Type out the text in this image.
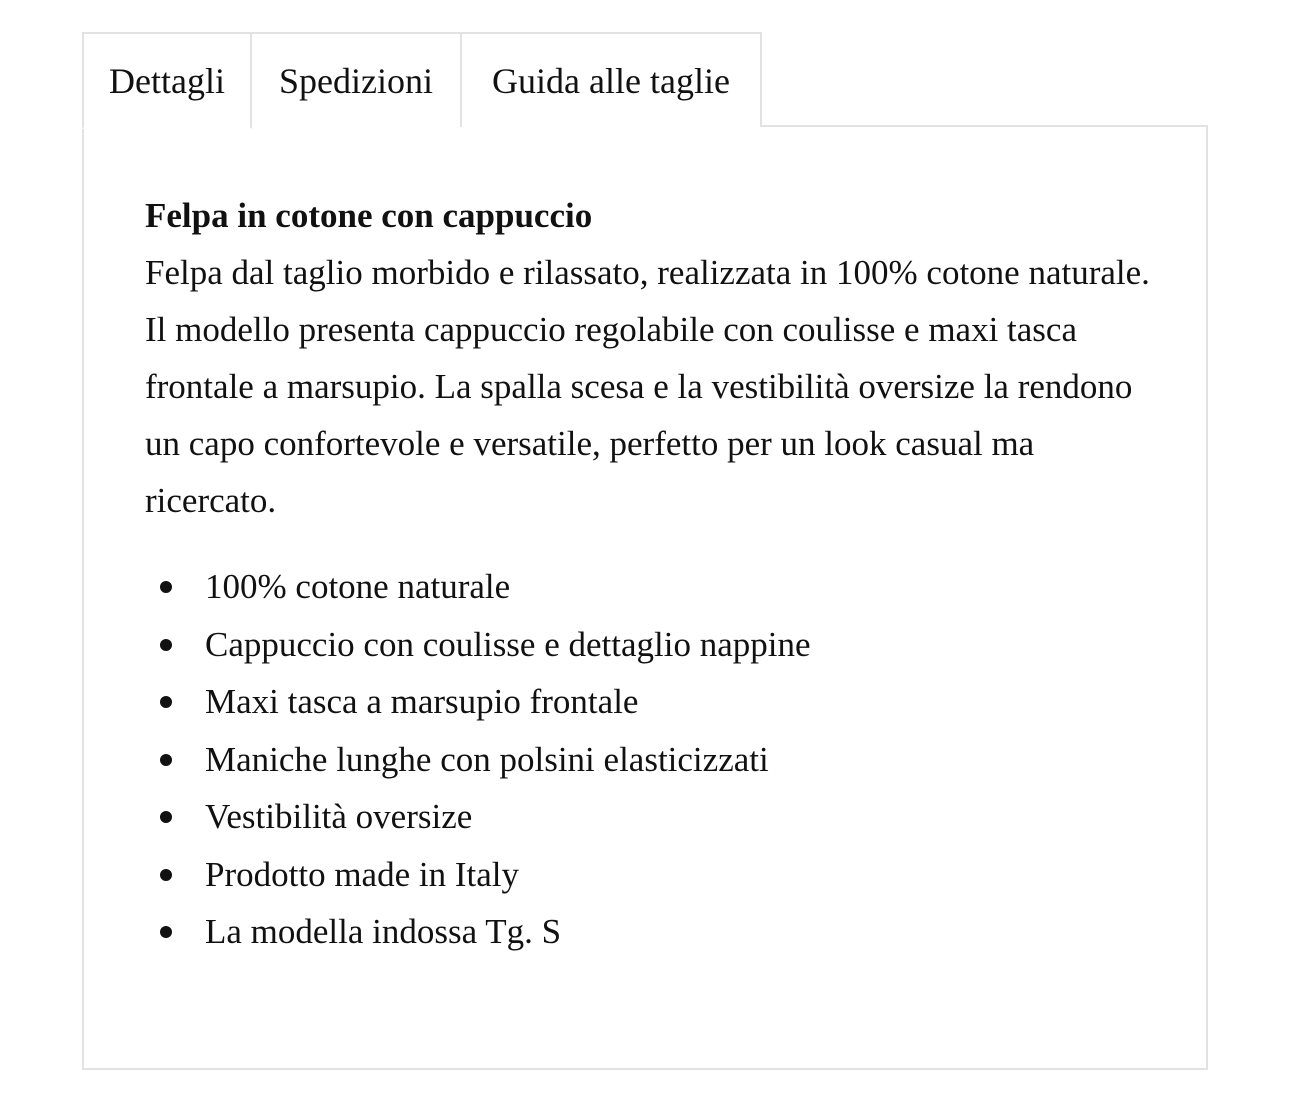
Dettagli	Spedizioni	Guida alle taglie

Felpa in cotone con cappuccio

Felpa dal taglio morbido e rilassato, realizzata in 100% cotone naturale. Il modello presenta cappuccio regolabile con coulisse e maxi tasca frontale a marsupio. La spalla scesa e la vestibilità oversize la rendono un capo confortevole e versatile, perfetto per un look casual ma ricercato.

100% cotone naturale
Cappuccio con coulisse e dettaglio nappine
Maxi tasca a marsupio frontale
Maniche lunghe con polsini elasticizzati
Vestibilità oversize
Prodotto made in Italy
La modella indossa Tg. S
